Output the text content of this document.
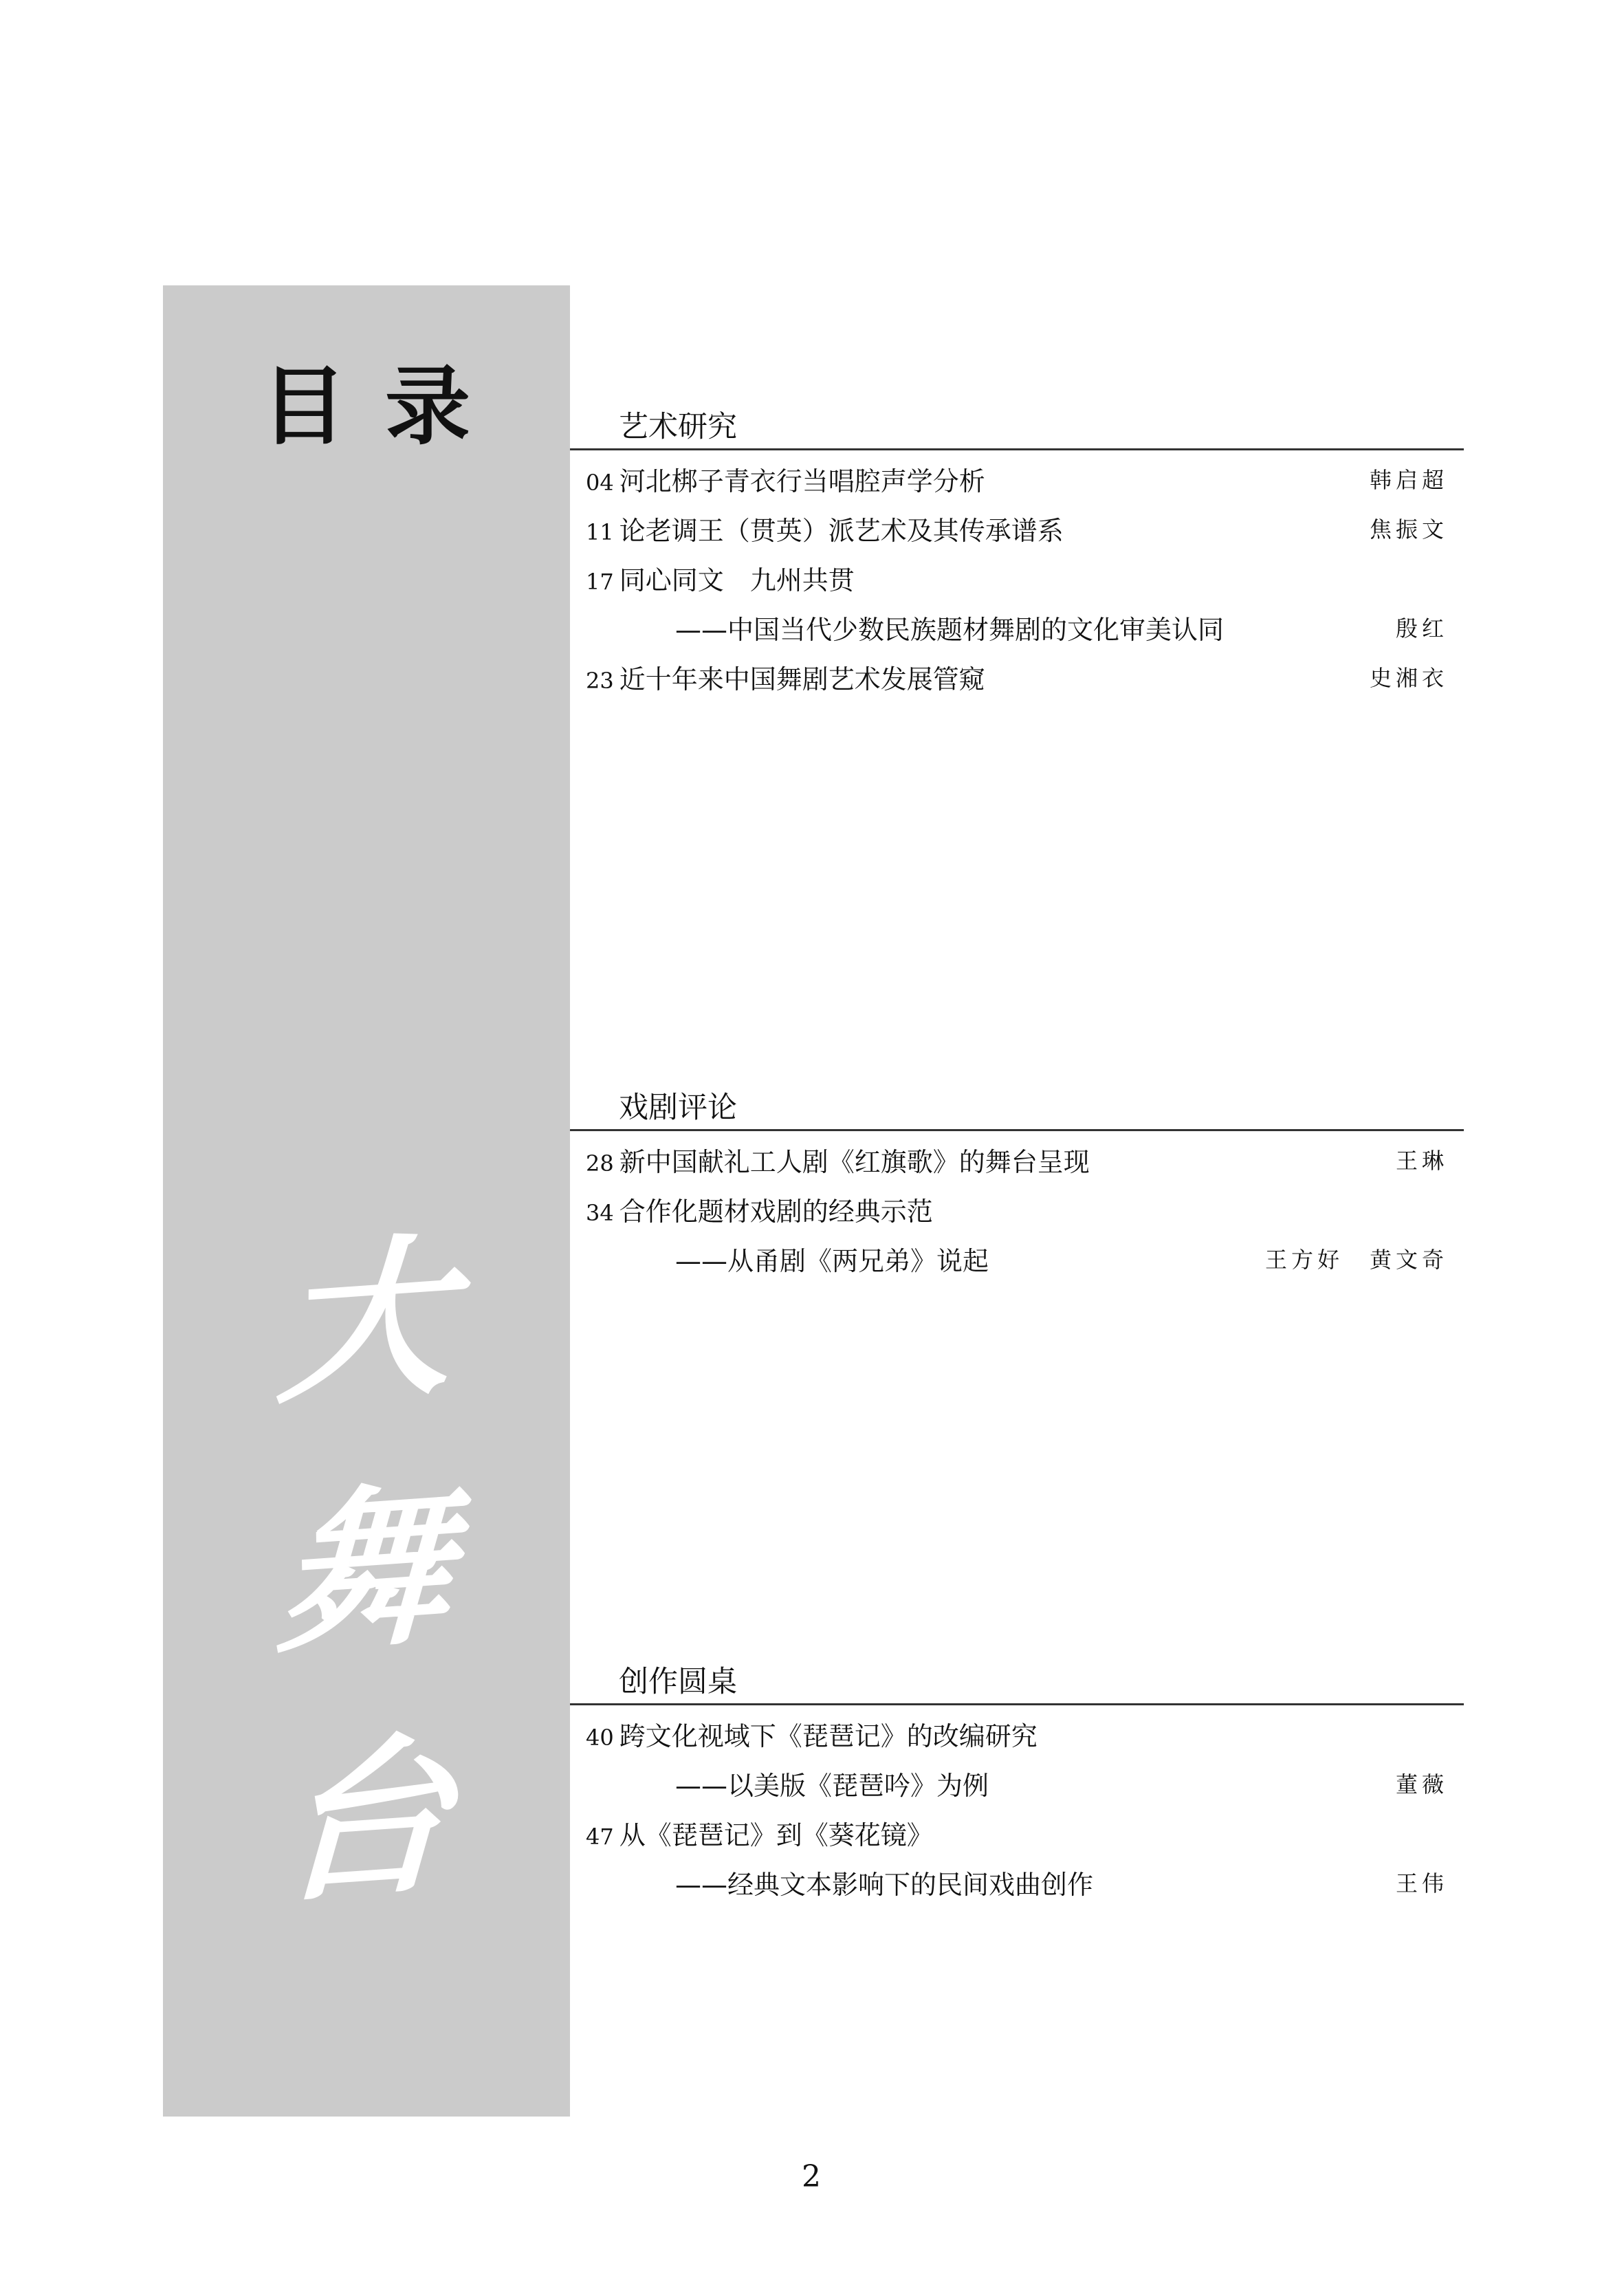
目录
大
舞
台
艺术研究
04 河北梆子青衣行当唱腔声学分析	韩启超
11 论老调王（贯英）派艺术及其传承谱系	焦振文
17 同心同文　九州共贯
——中国当代少数民族题材舞剧的文化审美认同	殷红
23 近十年来中国舞剧艺术发展管窥	史湘衣
戏剧评论
28 新中国献礼工人剧《红旗歌》的舞台呈现	王琳
34 合作化题材戏剧的经典示范
——从甬剧《两兄弟》说起	王方好　黄文奇
创作圆桌
40 跨文化视域下《琵琶记》的改编研究
——以美版《琵琶吟》为例	董薇
47 从《琵琶记》到《葵花镜》
——经典文本影响下的民间戏曲创作	王伟
2
